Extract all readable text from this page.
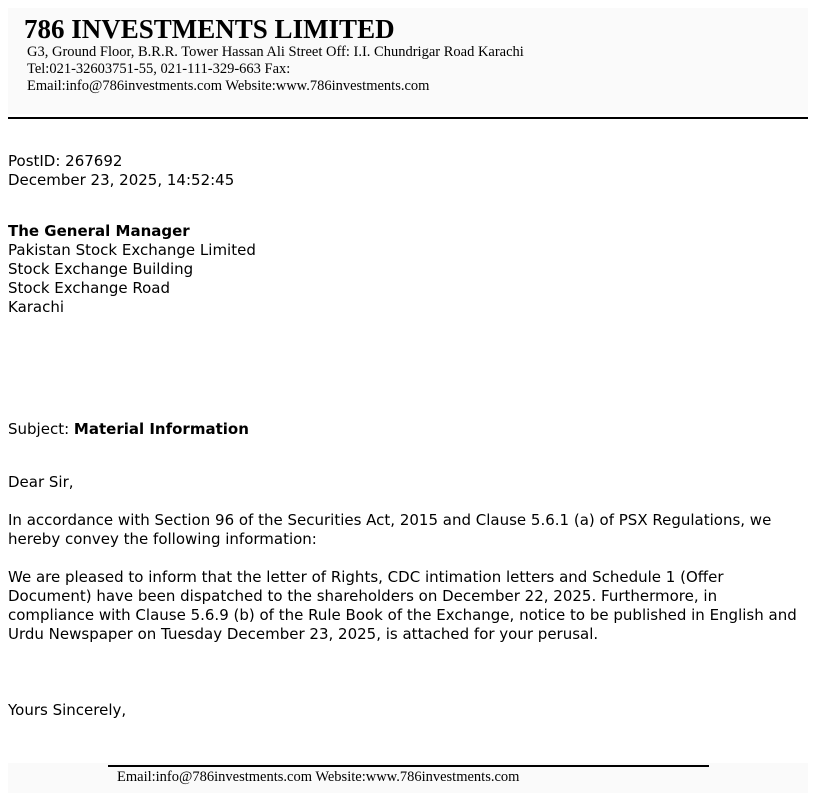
786 INVESTMENTS LIMITED
G3, Ground Floor, B.R.R. Tower Hassan Ali Street Off: I.I. Chundrigar Road Karachi
Tel:021-32603751-55, 021-111-329-663 Fax:
Email:info@786investments.com Website:www.786investments.com
PostID: 267692
December 23, 2025, 14:52:45
The General Manager
Pakistan Stock Exchange Limited
Stock Exchange Building
Stock Exchange Road
Karachi
Subject: Material Information
Dear Sir,
In accordance with Section 96 of the Securities Act, 2015 and Clause 5.6.1 (a) of PSX Regulations, we hereby convey the following information:
We are pleased to inform that the letter of Rights, CDC intimation letters and Schedule 1 (Offer Document) have been dispatched to the shareholders on December 22, 2025. Furthermore, in compliance with Clause 5.6.9 (b) of the Rule Book of the Exchange, notice to be published in English and Urdu Newspaper on Tuesday December 23, 2025, is attached for your perusal.
Yours Sincerely,
Email:info@786investments.com Website:www.786investments.com
